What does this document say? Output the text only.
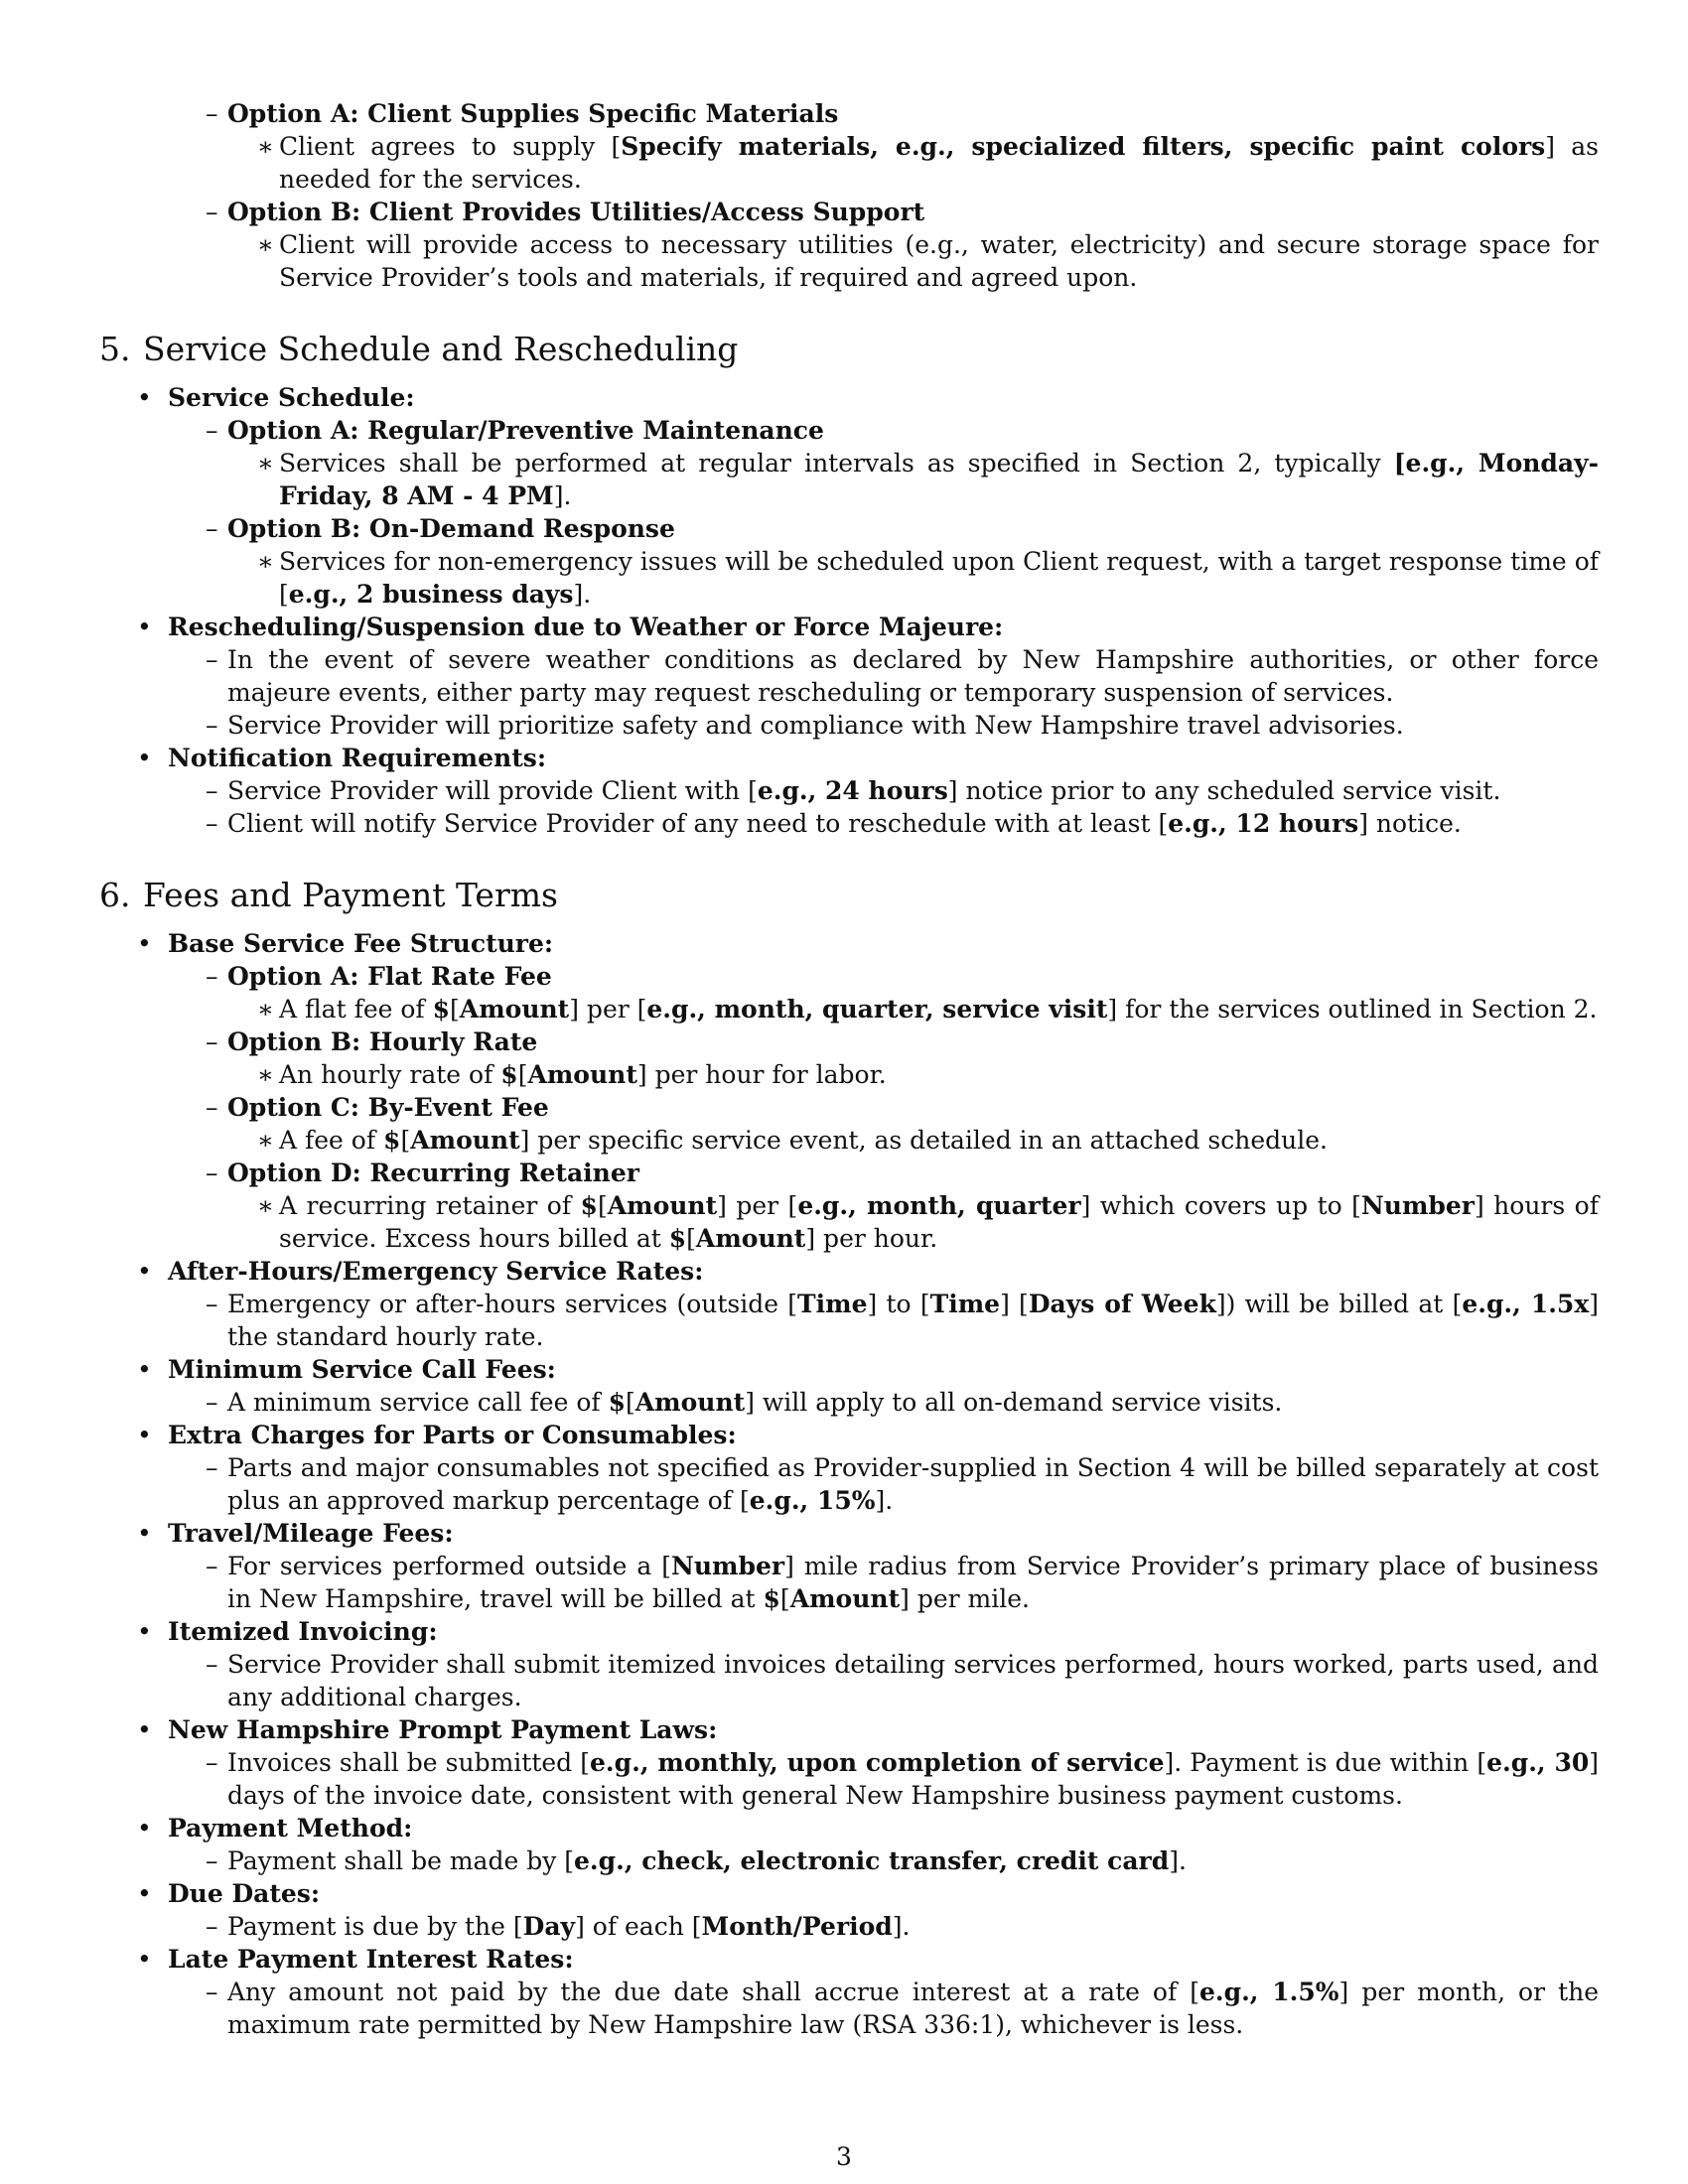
– Option A: Client Supplies Specific Materials
∗ Client agrees to supply [Specify materials, e.g., specialized filters, specific paint colors] as needed for the services.
– Option B: Client Provides Utilities/Access Support
∗ Client will provide access to necessary utilities (e.g., water, electricity) and secure storage space for Service Provider’s tools and materials, if required and agreed upon.
5. Service Schedule and Rescheduling
• Service Schedule:
– Option A: Regular/Preventive Maintenance
∗ Services shall be performed at regular intervals as specified in Section 2, typically [e.g., Monday-Friday, 8 AM - 4 PM].
– Option B: On-Demand Response
∗ Services for non-emergency issues will be scheduled upon Client request, with a target response time of [e.g., 2 business days].
• Rescheduling/Suspension due to Weather or Force Majeure:
– In the event of severe weather conditions as declared by New Hampshire authorities, or other force majeure events, either party may request rescheduling or temporary suspension of services.
– Service Provider will prioritize safety and compliance with New Hampshire travel advisories.
• Notification Requirements:
– Service Provider will provide Client with [e.g., 24 hours] notice prior to any scheduled service visit.
– Client will notify Service Provider of any need to reschedule with at least [e.g., 12 hours] notice.
6. Fees and Payment Terms
• Base Service Fee Structure:
– Option A: Flat Rate Fee
∗ A flat fee of $[Amount] per [e.g., month, quarter, service visit] for the services outlined in Section 2.
– Option B: Hourly Rate
∗ An hourly rate of $[Amount] per hour for labor.
– Option C: By-Event Fee
∗ A fee of $[Amount] per specific service event, as detailed in an attached schedule.
– Option D: Recurring Retainer
∗ A recurring retainer of $[Amount] per [e.g., month, quarter] which covers up to [Number] hours of service. Excess hours billed at $[Amount] per hour.
• After-Hours/Emergency Service Rates:
– Emergency or after-hours services (outside [Time] to [Time] [Days of Week]) will be billed at [e.g., 1.5x] the standard hourly rate.
• Minimum Service Call Fees:
– A minimum service call fee of $[Amount] will apply to all on-demand service visits.
• Extra Charges for Parts or Consumables:
– Parts and major consumables not specified as Provider-supplied in Section 4 will be billed separately at cost plus an approved markup percentage of [e.g., 15%].
• Travel/Mileage Fees:
– For services performed outside a [Number] mile radius from Service Provider’s primary place of business in New Hampshire, travel will be billed at $[Amount] per mile.
• Itemized Invoicing:
– Service Provider shall submit itemized invoices detailing services performed, hours worked, parts used, and any additional charges.
• New Hampshire Prompt Payment Laws:
– Invoices shall be submitted [e.g., monthly, upon completion of service]. Payment is due within [e.g., 30] days of the invoice date, consistent with general New Hampshire business payment customs.
• Payment Method:
– Payment shall be made by [e.g., check, electronic transfer, credit card].
• Due Dates:
– Payment is due by the [Day] of each [Month/Period].
• Late Payment Interest Rates:
– Any amount not paid by the due date shall accrue interest at a rate of [e.g., 1.5%] per month, or the maximum rate permitted by New Hampshire law (RSA 336:1), whichever is less.
3
